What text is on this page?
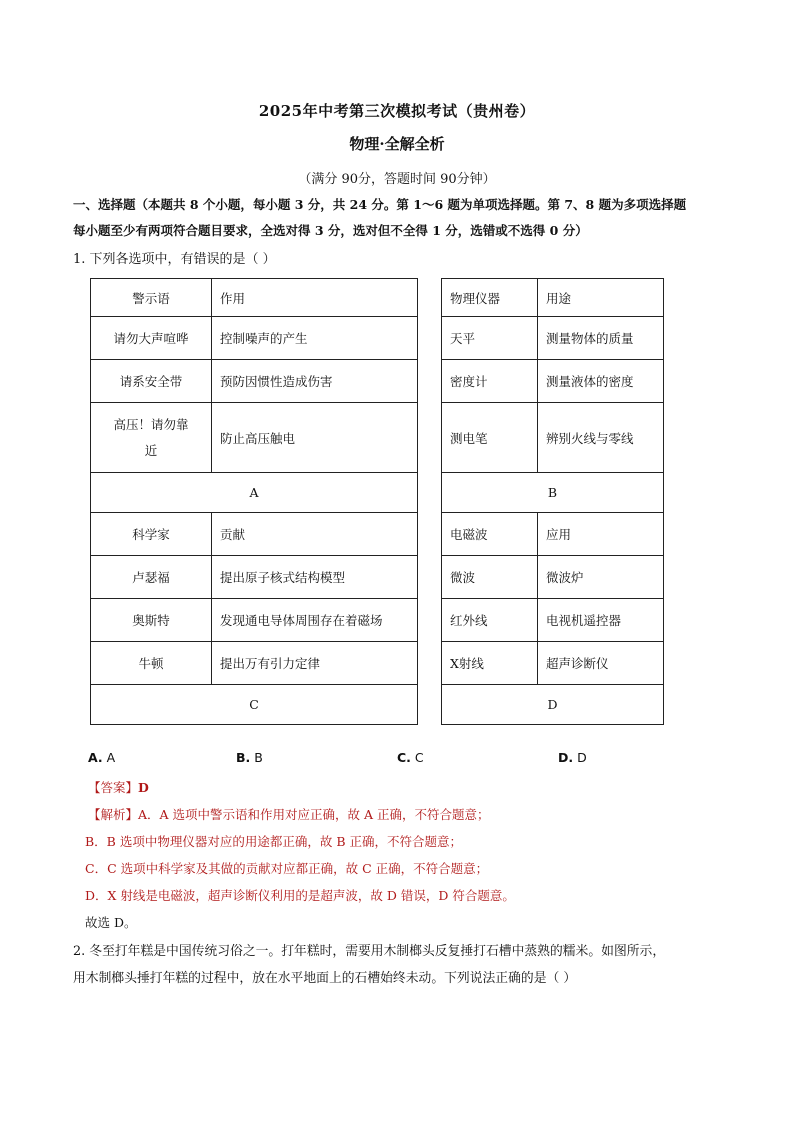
2025年中考第三次模拟考试（贵州卷）
物理·全解全析
（满分 90分，答题时间 90分钟）
一、选择题（本题共 8 个小题，每小题 3 分，共 24 分。第 1～6 题为单项选择题。第 7、8 题为多项选择题
每小题至少有两项符合题目要求，全选对得 3 分，选对但不全得 1 分，选错或不选得 0 分）
1. 下列各选项中，有错误的是（ ）
警示语	作用
请勿大声喧哗	控制噪声的产生
请系安全带	预防因惯性造成伤害
高压！请勿靠近	防止高压触电
A	
物理仪器	用途
天平	测量物体的质量
密度计	测量液体的密度
测电笔	辨别火线与零线
B	
科学家	贡献
卢瑟福	提出原子核式结构模型
奥斯特	发现通电导体周围存在着磁场
牛顿	提出万有引力定律
C	
电磁波	应用
微波	微波炉
红外线	电视机遥控器
X射线	超声诊断仪
D	
A. A	B. B	C. C	D. D
【答案】D
【解析】A．A 选项中警示语和作用对应正确，故 A 正确，不符合题意；
B．B 选项中物理仪器对应的用途都正确，故 B 正确，不符合题意；
C．C 选项中科学家及其做的贡献对应都正确，故 C 正确，不符合题意；
D．X 射线是电磁波，超声诊断仪利用的是超声波，故 D 错误，D 符合题意。
故选 D。
2. 冬至打年糕是中国传统习俗之一。打年糕时，需要用木制榔头反复捶打石槽中蒸熟的糯米。如图所示，
用木制榔头捶打年糕的过程中，放在水平地面上的石槽始终未动。下列说法正确的是（ ）
